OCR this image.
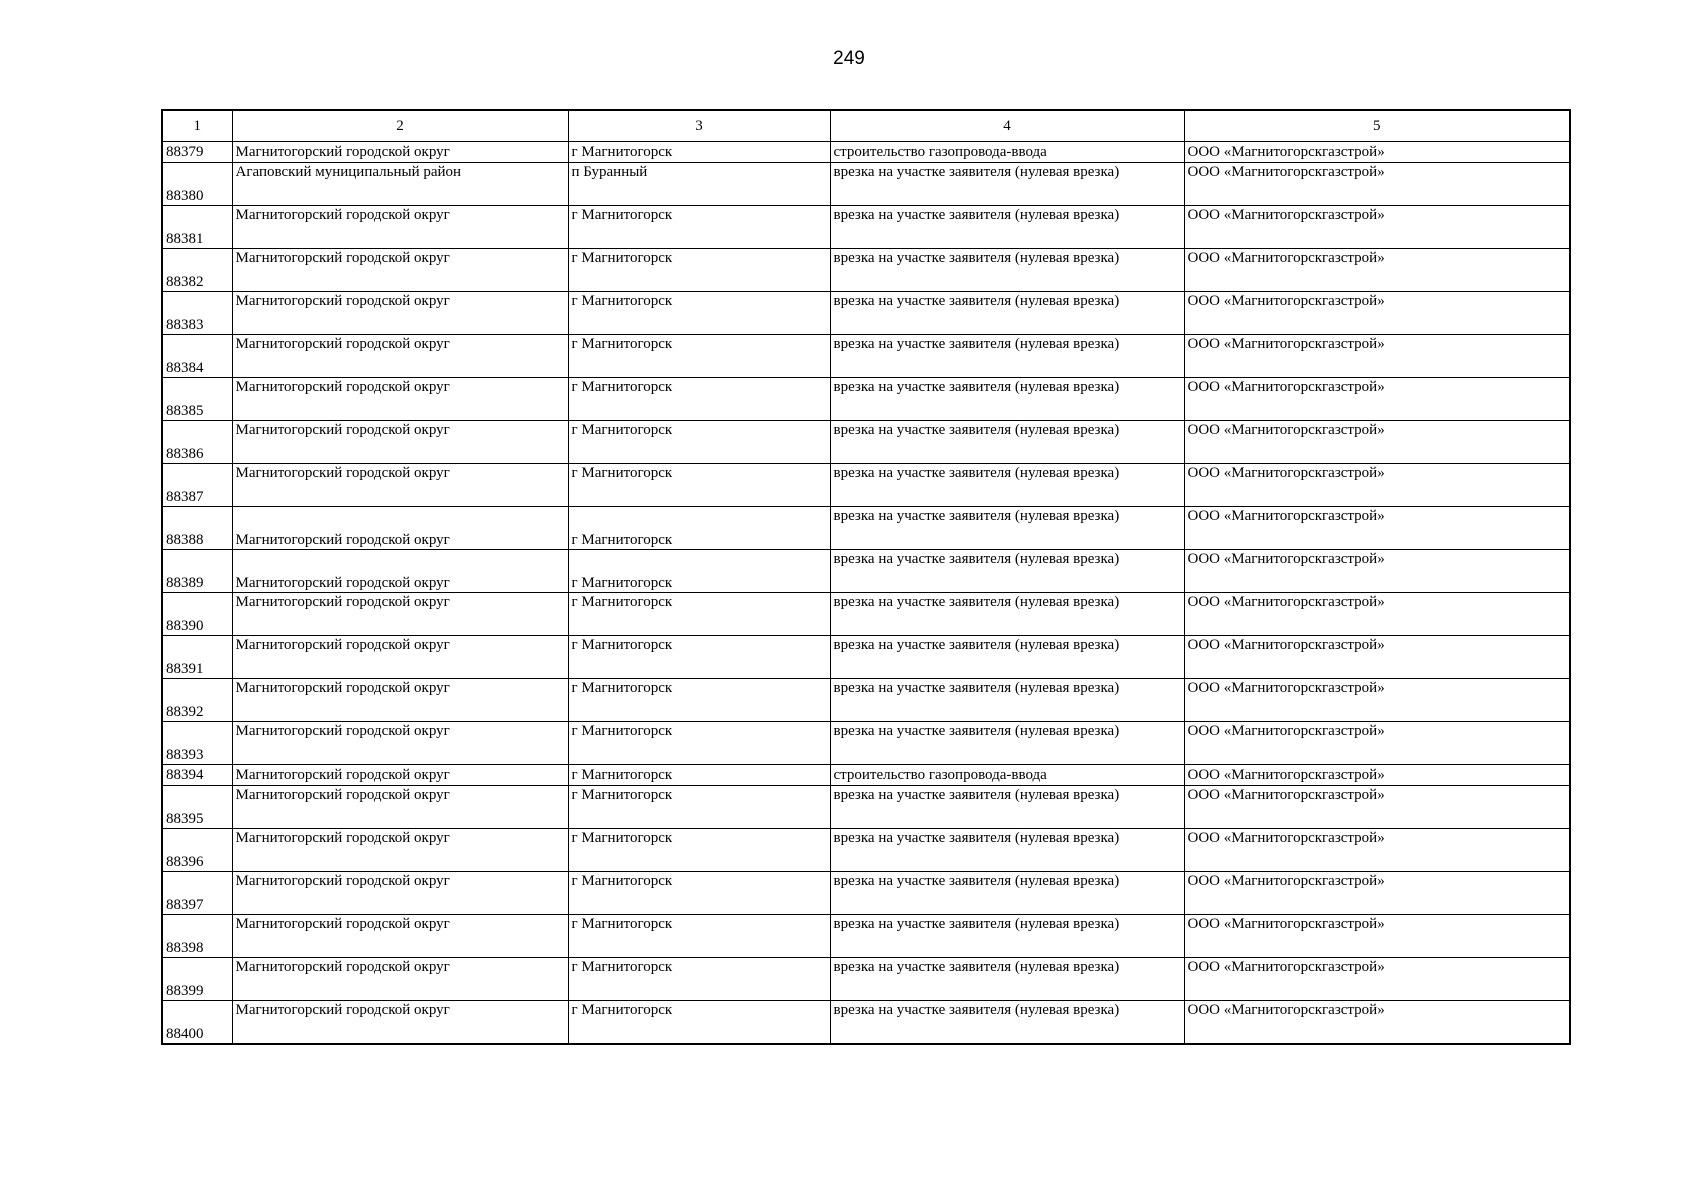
249
1	2	3	4	5
88379	Магнитогорский городской округ	г Магнитогорск	строительство газопровода-ввода	ООО «Магнитогорскгазстрой»
88380	Агаповский муниципальный район	п Буранный	врезка на участке заявителя (нулевая врезка)	ООО «Магнитогорскгазстрой»
88381	Магнитогорский городской округ	г Магнитогорск	врезка на участке заявителя (нулевая врезка)	ООО «Магнитогорскгазстрой»
88382	Магнитогорский городской округ	г Магнитогорск	врезка на участке заявителя (нулевая врезка)	ООО «Магнитогорскгазстрой»
88383	Магнитогорский городской округ	г Магнитогорск	врезка на участке заявителя (нулевая врезка)	ООО «Магнитогорскгазстрой»
88384	Магнитогорский городской округ	г Магнитогорск	врезка на участке заявителя (нулевая врезка)	ООО «Магнитогорскгазстрой»
88385	Магнитогорский городской округ	г Магнитогорск	врезка на участке заявителя (нулевая врезка)	ООО «Магнитогорскгазстрой»
88386	Магнитогорский городской округ	г Магнитогорск	врезка на участке заявителя (нулевая врезка)	ООО «Магнитогорскгазстрой»
88387	Магнитогорский городской округ	г Магнитогорск	врезка на участке заявителя (нулевая врезка)	ООО «Магнитогорскгазстрой»
88388	Магнитогорский городской округ	г Магнитогорск	врезка на участке заявителя (нулевая врезка)	ООО «Магнитогорскгазстрой»
88389	Магнитогорский городской округ	г Магнитогорск	врезка на участке заявителя (нулевая врезка)	ООО «Магнитогорскгазстрой»
88390	Магнитогорский городской округ	г Магнитогорск	врезка на участке заявителя (нулевая врезка)	ООО «Магнитогорскгазстрой»
88391	Магнитогорский городской округ	г Магнитогорск	врезка на участке заявителя (нулевая врезка)	ООО «Магнитогорскгазстрой»
88392	Магнитогорский городской округ	г Магнитогорск	врезка на участке заявителя (нулевая врезка)	ООО «Магнитогорскгазстрой»
88393	Магнитогорский городской округ	г Магнитогорск	врезка на участке заявителя (нулевая врезка)	ООО «Магнитогорскгазстрой»
88394	Магнитогорский городской округ	г Магнитогорск	строительство газопровода-ввода	ООО «Магнитогорскгазстрой»
88395	Магнитогорский городской округ	г Магнитогорск	врезка на участке заявителя (нулевая врезка)	ООО «Магнитогорскгазстрой»
88396	Магнитогорский городской округ	г Магнитогорск	врезка на участке заявителя (нулевая врезка)	ООО «Магнитогорскгазстрой»
88397	Магнитогорский городской округ	г Магнитогорск	врезка на участке заявителя (нулевая врезка)	ООО «Магнитогорскгазстрой»
88398	Магнитогорский городской округ	г Магнитогорск	врезка на участке заявителя (нулевая врезка)	ООО «Магнитогорскгазстрой»
88399	Магнитогорский городской округ	г Магнитогорск	врезка на участке заявителя (нулевая врезка)	ООО «Магнитогорскгазстрой»
88400	Магнитогорский городской округ	г Магнитогорск	врезка на участке заявителя (нулевая врезка)	ООО «Магнитогорскгазстрой»
